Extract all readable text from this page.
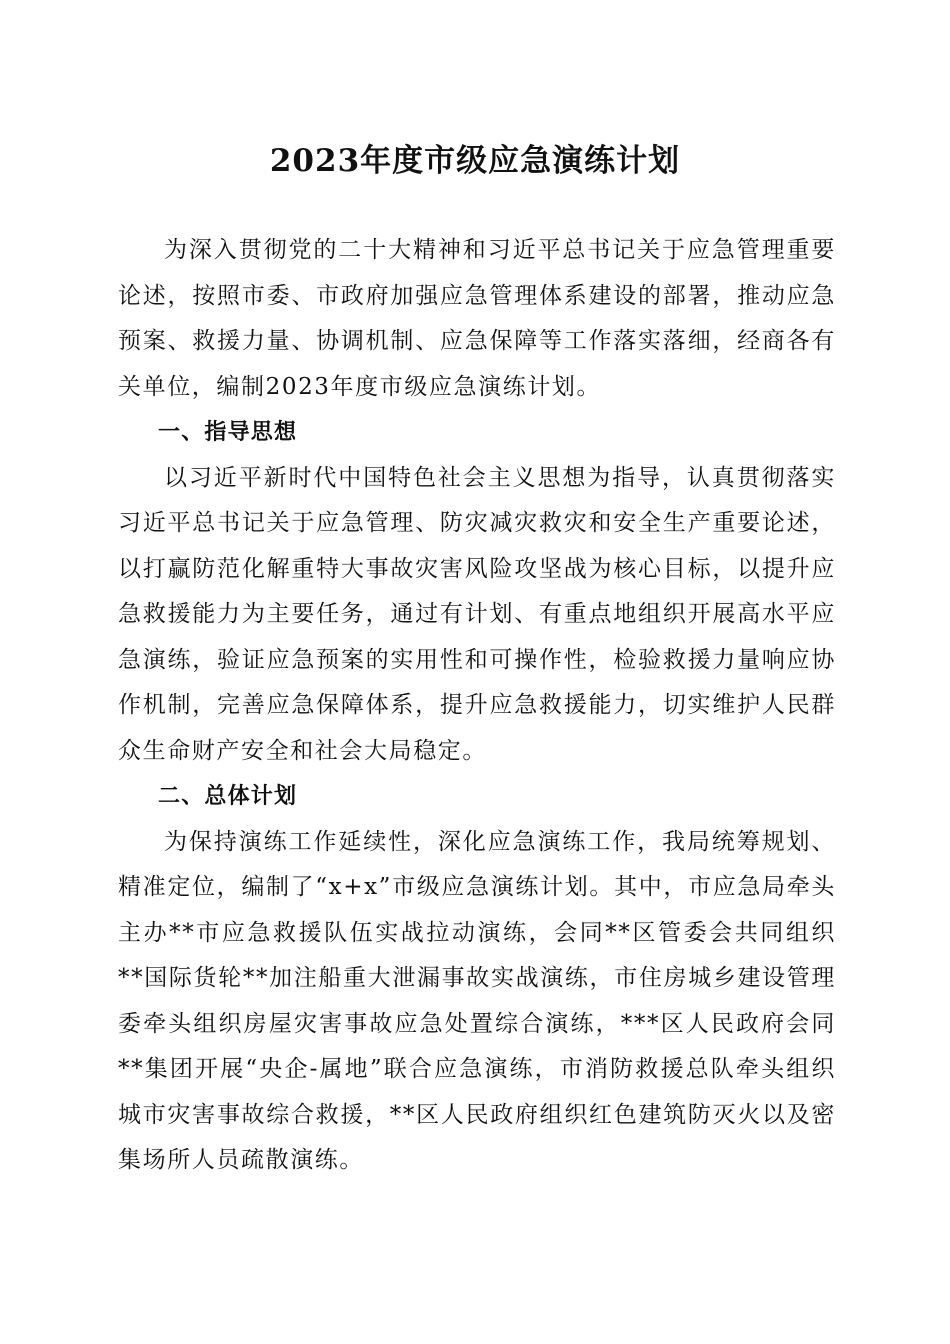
2023年度市级应急演练计划

为深入贯彻党的二十大精神和习近平总书记关于应急管理重要论述，按照市委、市政府加强应急管理体系建设的部署，推动应急预案、救援力量、协调机制、应急保障等工作落实落细，经商各有关单位，编制2023年度市级应急演练计划。

一、指导思想

以习近平新时代中国特色社会主义思想为指导，认真贯彻落实习近平总书记关于应急管理、防灾减灾救灾和安全生产重要论述，以打赢防范化解重特大事故灾害风险攻坚战为核心目标，以提升应急救援能力为主要任务，通过有计划、有重点地组织开展高水平应急演练，验证应急预案的实用性和可操作性，检验救援力量响应协作机制，完善应急保障体系，提升应急救援能力，切实维护人民群众生命财产安全和社会大局稳定。

二、总体计划

为保持演练工作延续性，深化应急演练工作，我局统筹规划、精准定位，编制了“x+x”市级应急演练计划。其中，市应急局牵头主办**市应急救援队伍实战拉动演练，会同**区管委会共同组织**国际货轮**加注船重大泄漏事故实战演练，市住房城乡建设管理委牵头组织房屋灾害事故应急处置综合演练，***区人民政府会同**集团开展“央企-属地”联合应急演练，市消防救援总队牵头组织城市灾害事故综合救援，**区人民政府组织红色建筑防灭火以及密集场所人员疏散演练。
